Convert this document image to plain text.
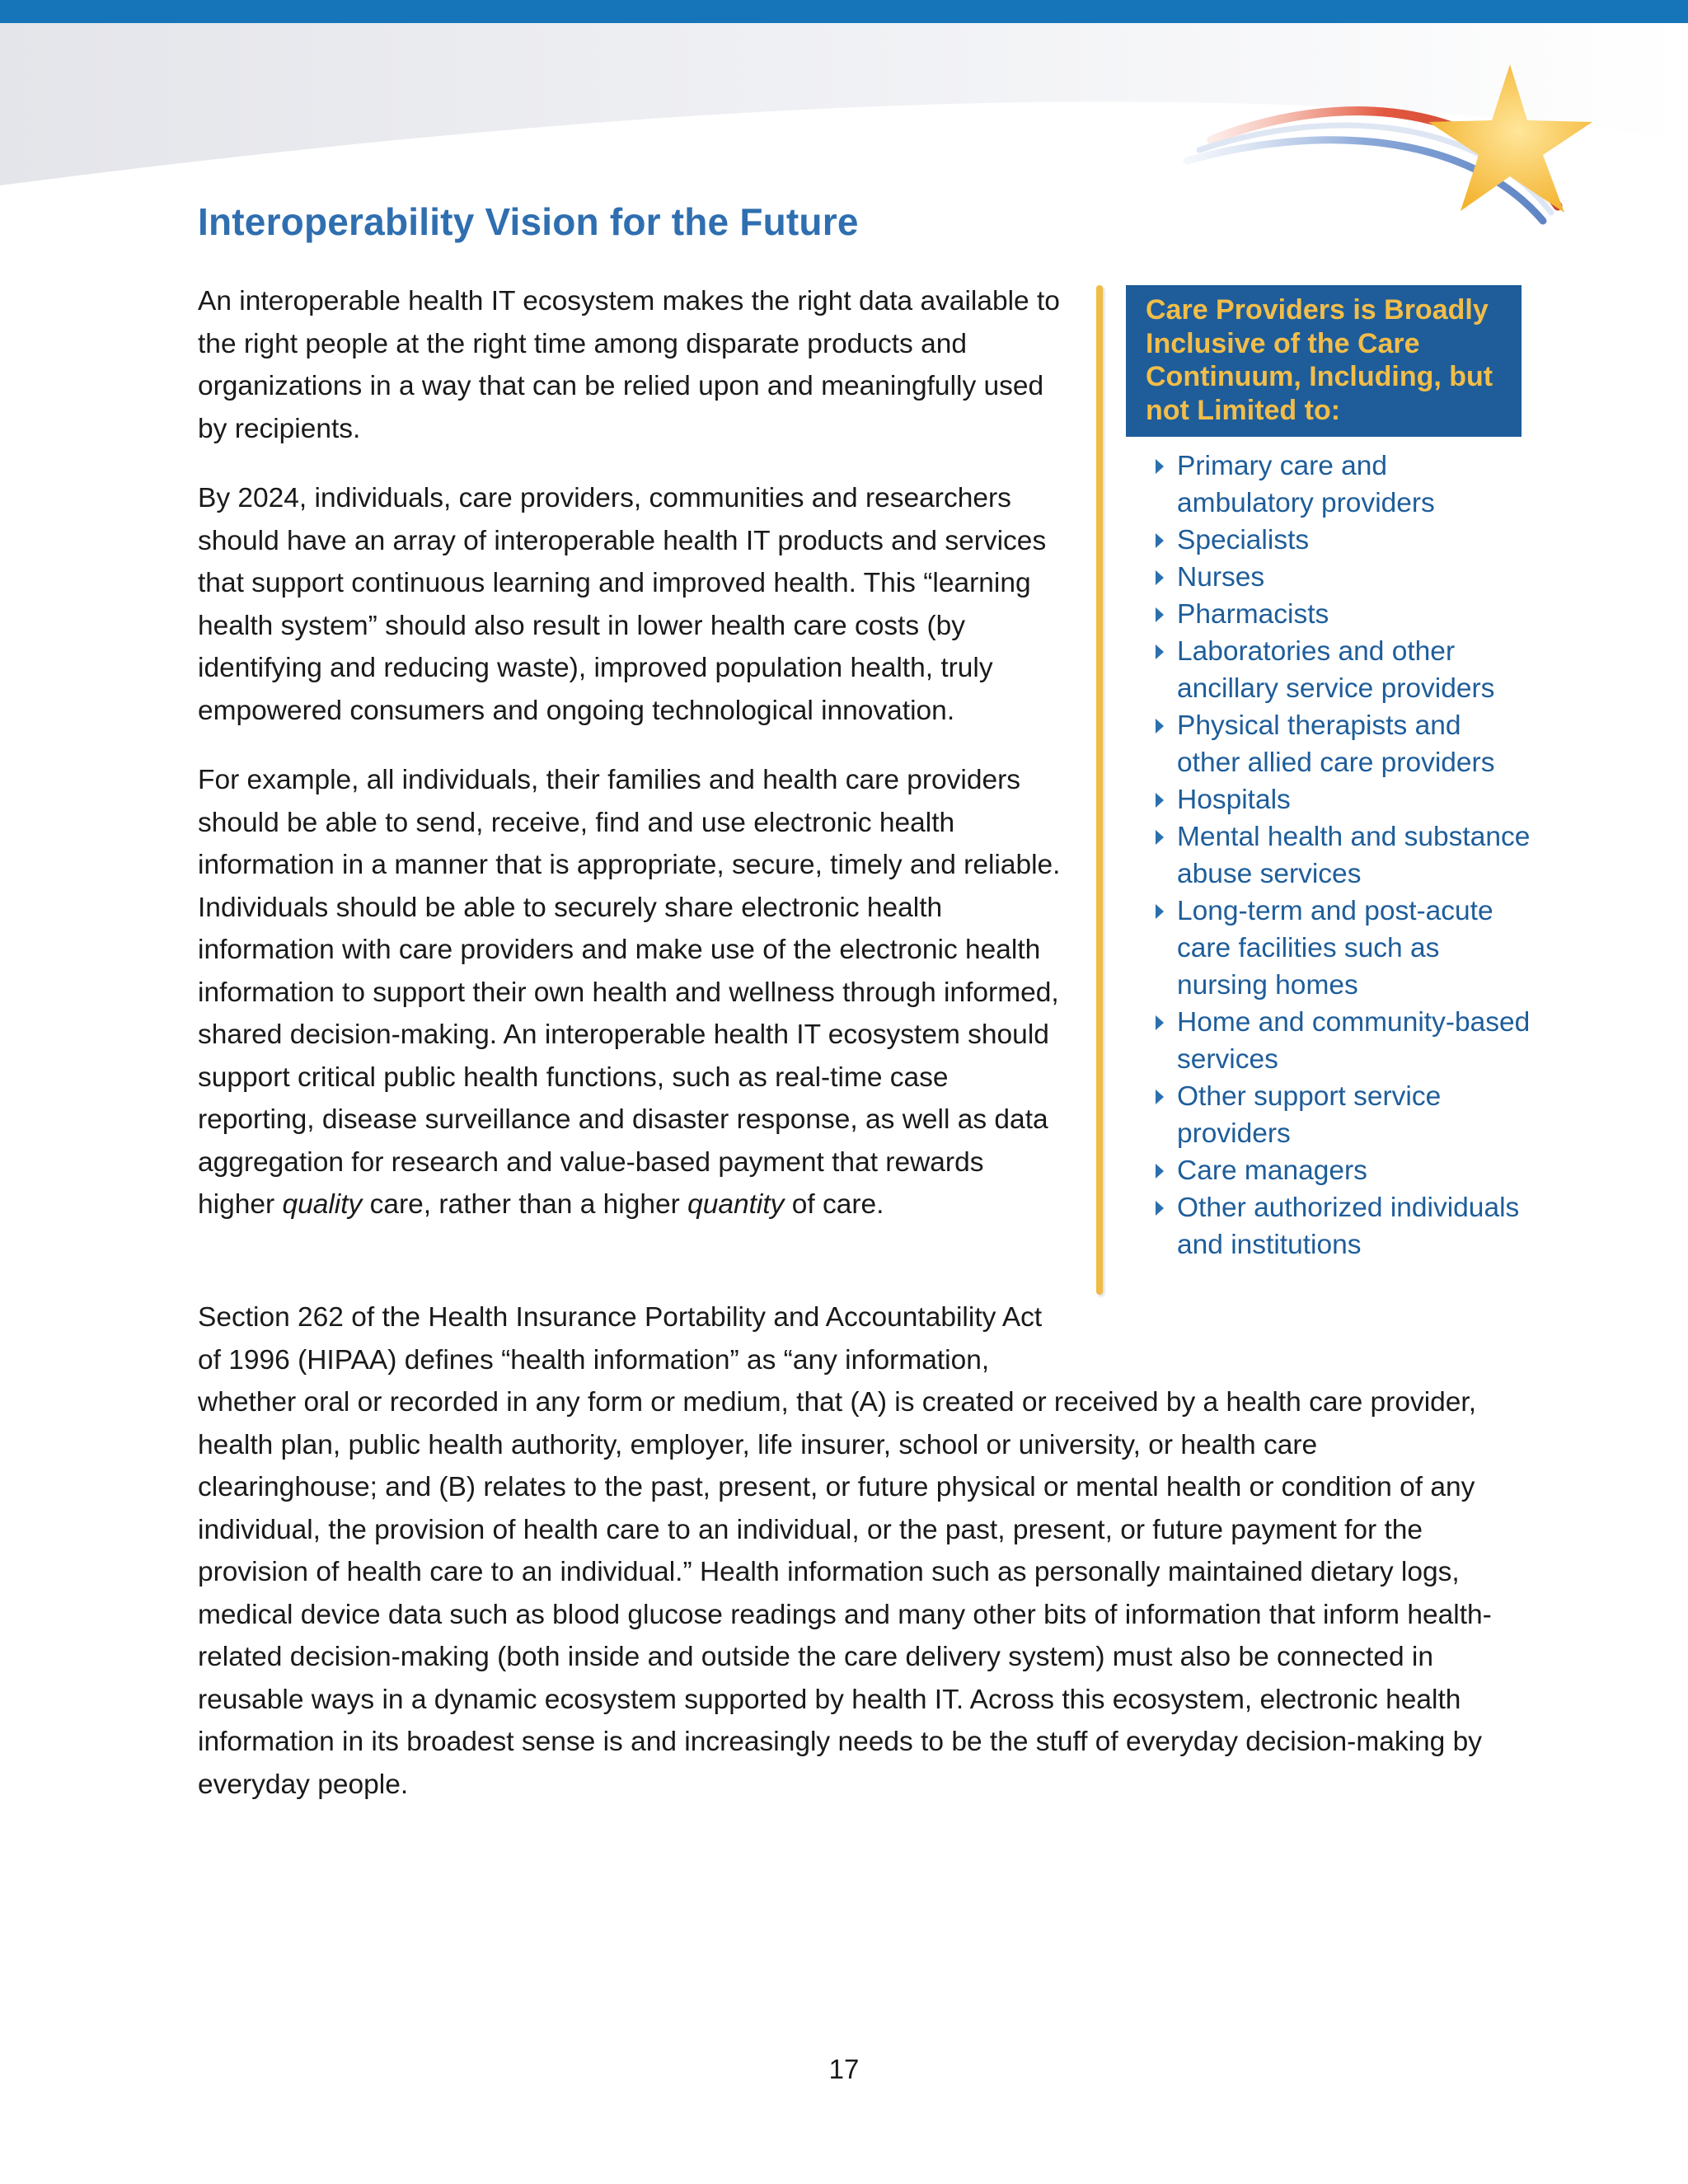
Interoperability Vision for the Future

An interoperable health IT ecosystem makes the right data available to the right people at the right time among disparate products and organizations in a way that can be relied upon and meaningfully used by recipients.

By 2024, individuals, care providers, communities and researchers should have an array of interoperable health IT products and services that support continuous learning and improved health. This “learning health system” should also result in lower health care costs (by identifying and reducing waste), improved population health, truly empowered consumers and ongoing technological innovation.

For example, all individuals, their families and health care providers should be able to send, receive, find and use electronic health information in a manner that is appropriate, secure, timely and reliable. Individuals should be able to securely share electronic health information with care providers and make use of the electronic health information to support their own health and wellness through informed, shared decision-making. An interoperable health IT ecosystem should support critical public health functions, such as real-time case reporting, disease surveillance and disaster response, as well as data aggregation for research and value-based payment that rewards higher quality care, rather than a higher quantity of care.

Section 262 of the Health Insurance Portability and Accountability Act of 1996 (HIPAA) defines “health information” as “any information,
whether oral or recorded in any form or medium, that (A) is created or received by a health care provider, health plan, public health authority, employer, life insurer, school or university, or health care clearinghouse; and (B) relates to the past, present, or future physical or mental health or condition of any individual, the provision of health care to an individual, or the past, present, or future payment for the provision of health care to an individual.” Health information such as personally maintained dietary logs, medical device data such as blood glucose readings and many other bits of information that inform health-related decision-making (both inside and outside the care delivery system) must also be connected in reusable ways in a dynamic ecosystem supported by health IT. Across this ecosystem, electronic health information in its broadest sense is and increasingly needs to be the stuff of everyday decision-making by everyday people.

Care Providers is Broadly
Inclusive of the Care
Continuum, Including, but
not Limited to:
Primary care and ambulatory providers
Specialists
Nurses
Pharmacists
Laboratories and other ancillary service providers
Physical therapists and other allied care providers
Hospitals
Mental health and substance abuse services
Long-term and post-acute care facilities such as nursing homes
Home and community-based services
Other support service providers
Care managers
Other authorized individuals and institutions
17
